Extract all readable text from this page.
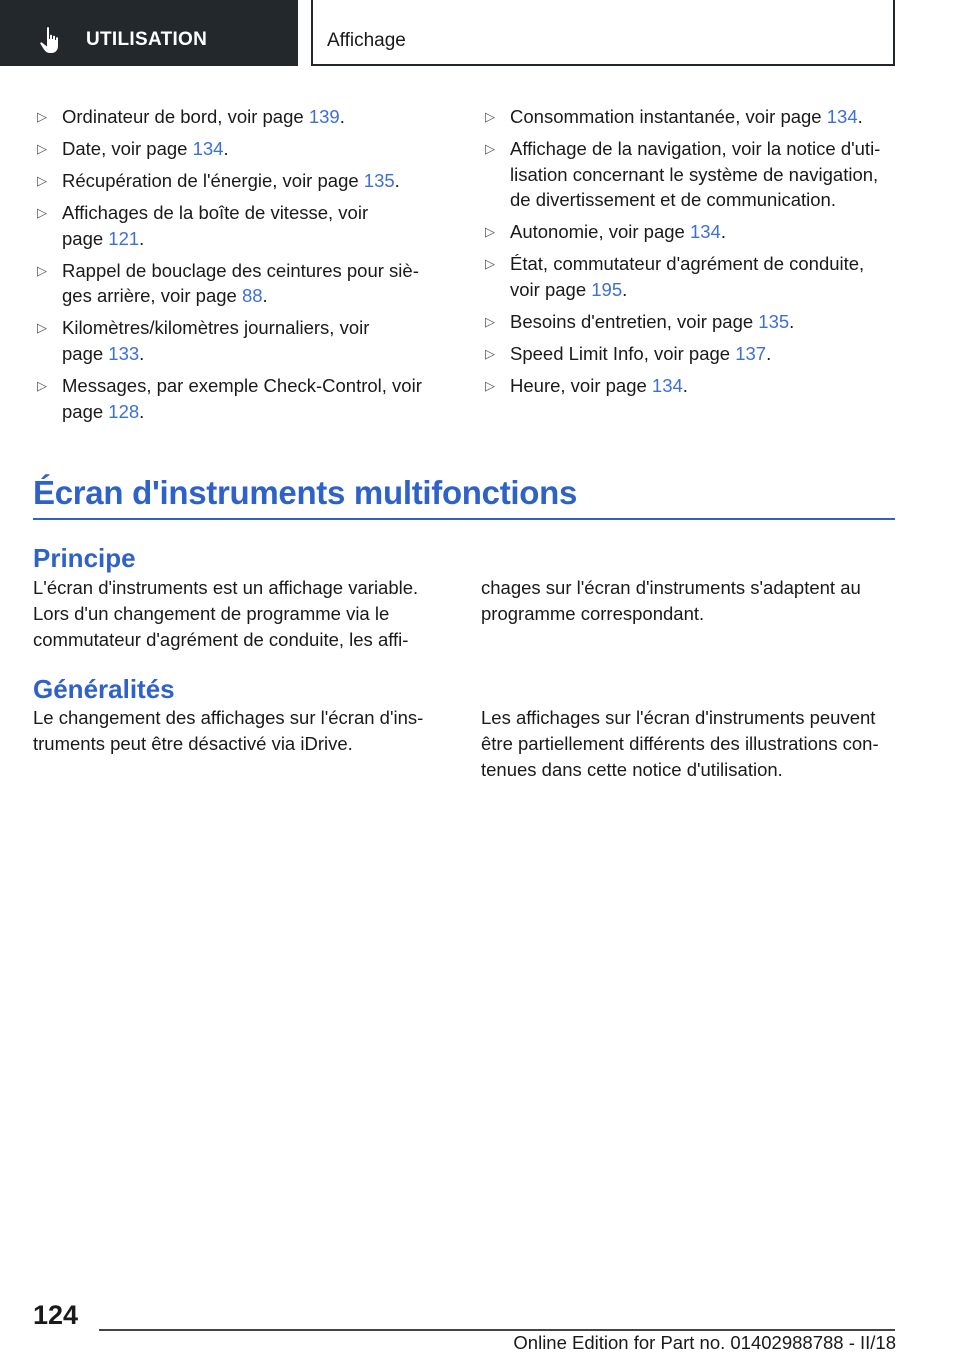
UTILISATION	Affichage
▷ Ordinateur de bord, voir page 139.
▷ Date, voir page 134.
▷ Récupération de l'énergie, voir page 135.
▷ Affichages de la boîte de vitesse, voir
page 121.
▷ Rappel de bouclage des ceintures pour siè-
ges arrière, voir page 88.
▷ Kilomètres/kilomètres journaliers, voir
page 133.
▷ Messages, par exemple Check-Control, voir
page 128.
▷ Consommation instantanée, voir page 134.
▷ Affichage de la navigation, voir la notice d'uti-
lisation concernant le système de navigation,
de divertissement et de communication.
▷ Autonomie, voir page 134.
▷ État, commutateur d'agrément de conduite,
voir page 195.
▷ Besoins d'entretien, voir page 135.
▷ Speed Limit Info, voir page 137.
▷ Heure, voir page 134.
Écran d'instruments multifonctions
Principe
L'écran d'instruments est un affichage variable.
Lors d'un changement de programme via le
commutateur d'agrément de conduite, les affi-
chages sur l'écran d'instruments s'adaptent au
programme correspondant.
Généralités
Le changement des affichages sur l'écran d'ins-
truments peut être désactivé via iDrive.
Les affichages sur l'écran d'instruments peuvent
être partiellement différents des illustrations con-
tenues dans cette notice d'utilisation.
124
Online Edition for Part no. 01402988788 - II/18
